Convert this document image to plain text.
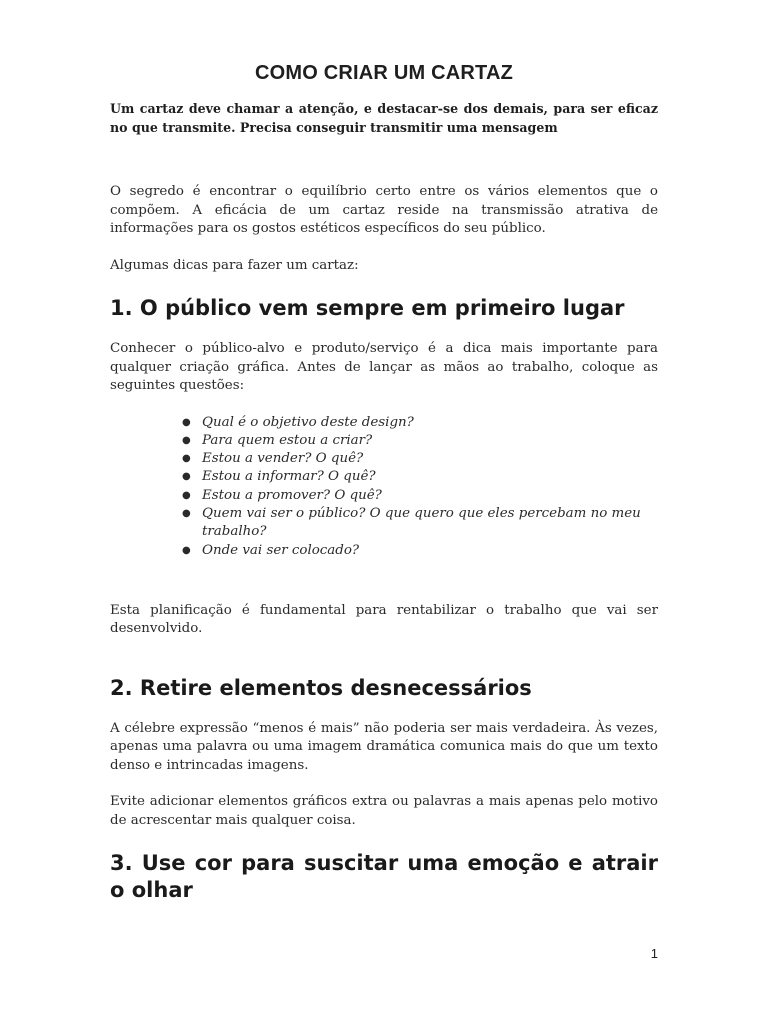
COMO CRIAR UM CARTAZ

Um cartaz deve chamar a atenção, e destacar-se dos demais, para ser eficaz no que transmite. Precisa conseguir transmitir uma mensagem

O segredo é encontrar o equilíbrio certo entre os vários elementos que o compõem. A eficácia de um cartaz reside na transmissão atrativa de informações para os gostos estéticos específicos do seu público.

Algumas dicas para fazer um cartaz:

1. O público vem sempre em primeiro lugar

Conhecer o público-alvo e produto/serviço é a dica mais importante para qualquer criação gráfica. Antes de lançar as mãos ao trabalho, coloque as seguintes questões:

● Qual é o objetivo deste design?
● Para quem estou a criar?
● Estou a vender? O quê?
● Estou a informar? O quê?
● Estou a promover? O quê?
● Quem vai ser o público? O que quero que eles percebam no meu trabalho?
● Onde vai ser colocado?

Esta planificação é fundamental para rentabilizar o trabalho que vai ser desenvolvido.

2. Retire elementos desnecessários

A célebre expressão “menos é mais” não poderia ser mais verdadeira. Às vezes, apenas uma palavra ou uma imagem dramática comunica mais do que um texto denso e intrincadas imagens.

Evite adicionar elementos gráficos extra ou palavras a mais apenas pelo motivo de acrescentar mais qualquer coisa.

3. Use cor para suscitar uma emoção e atrair o olhar
1
